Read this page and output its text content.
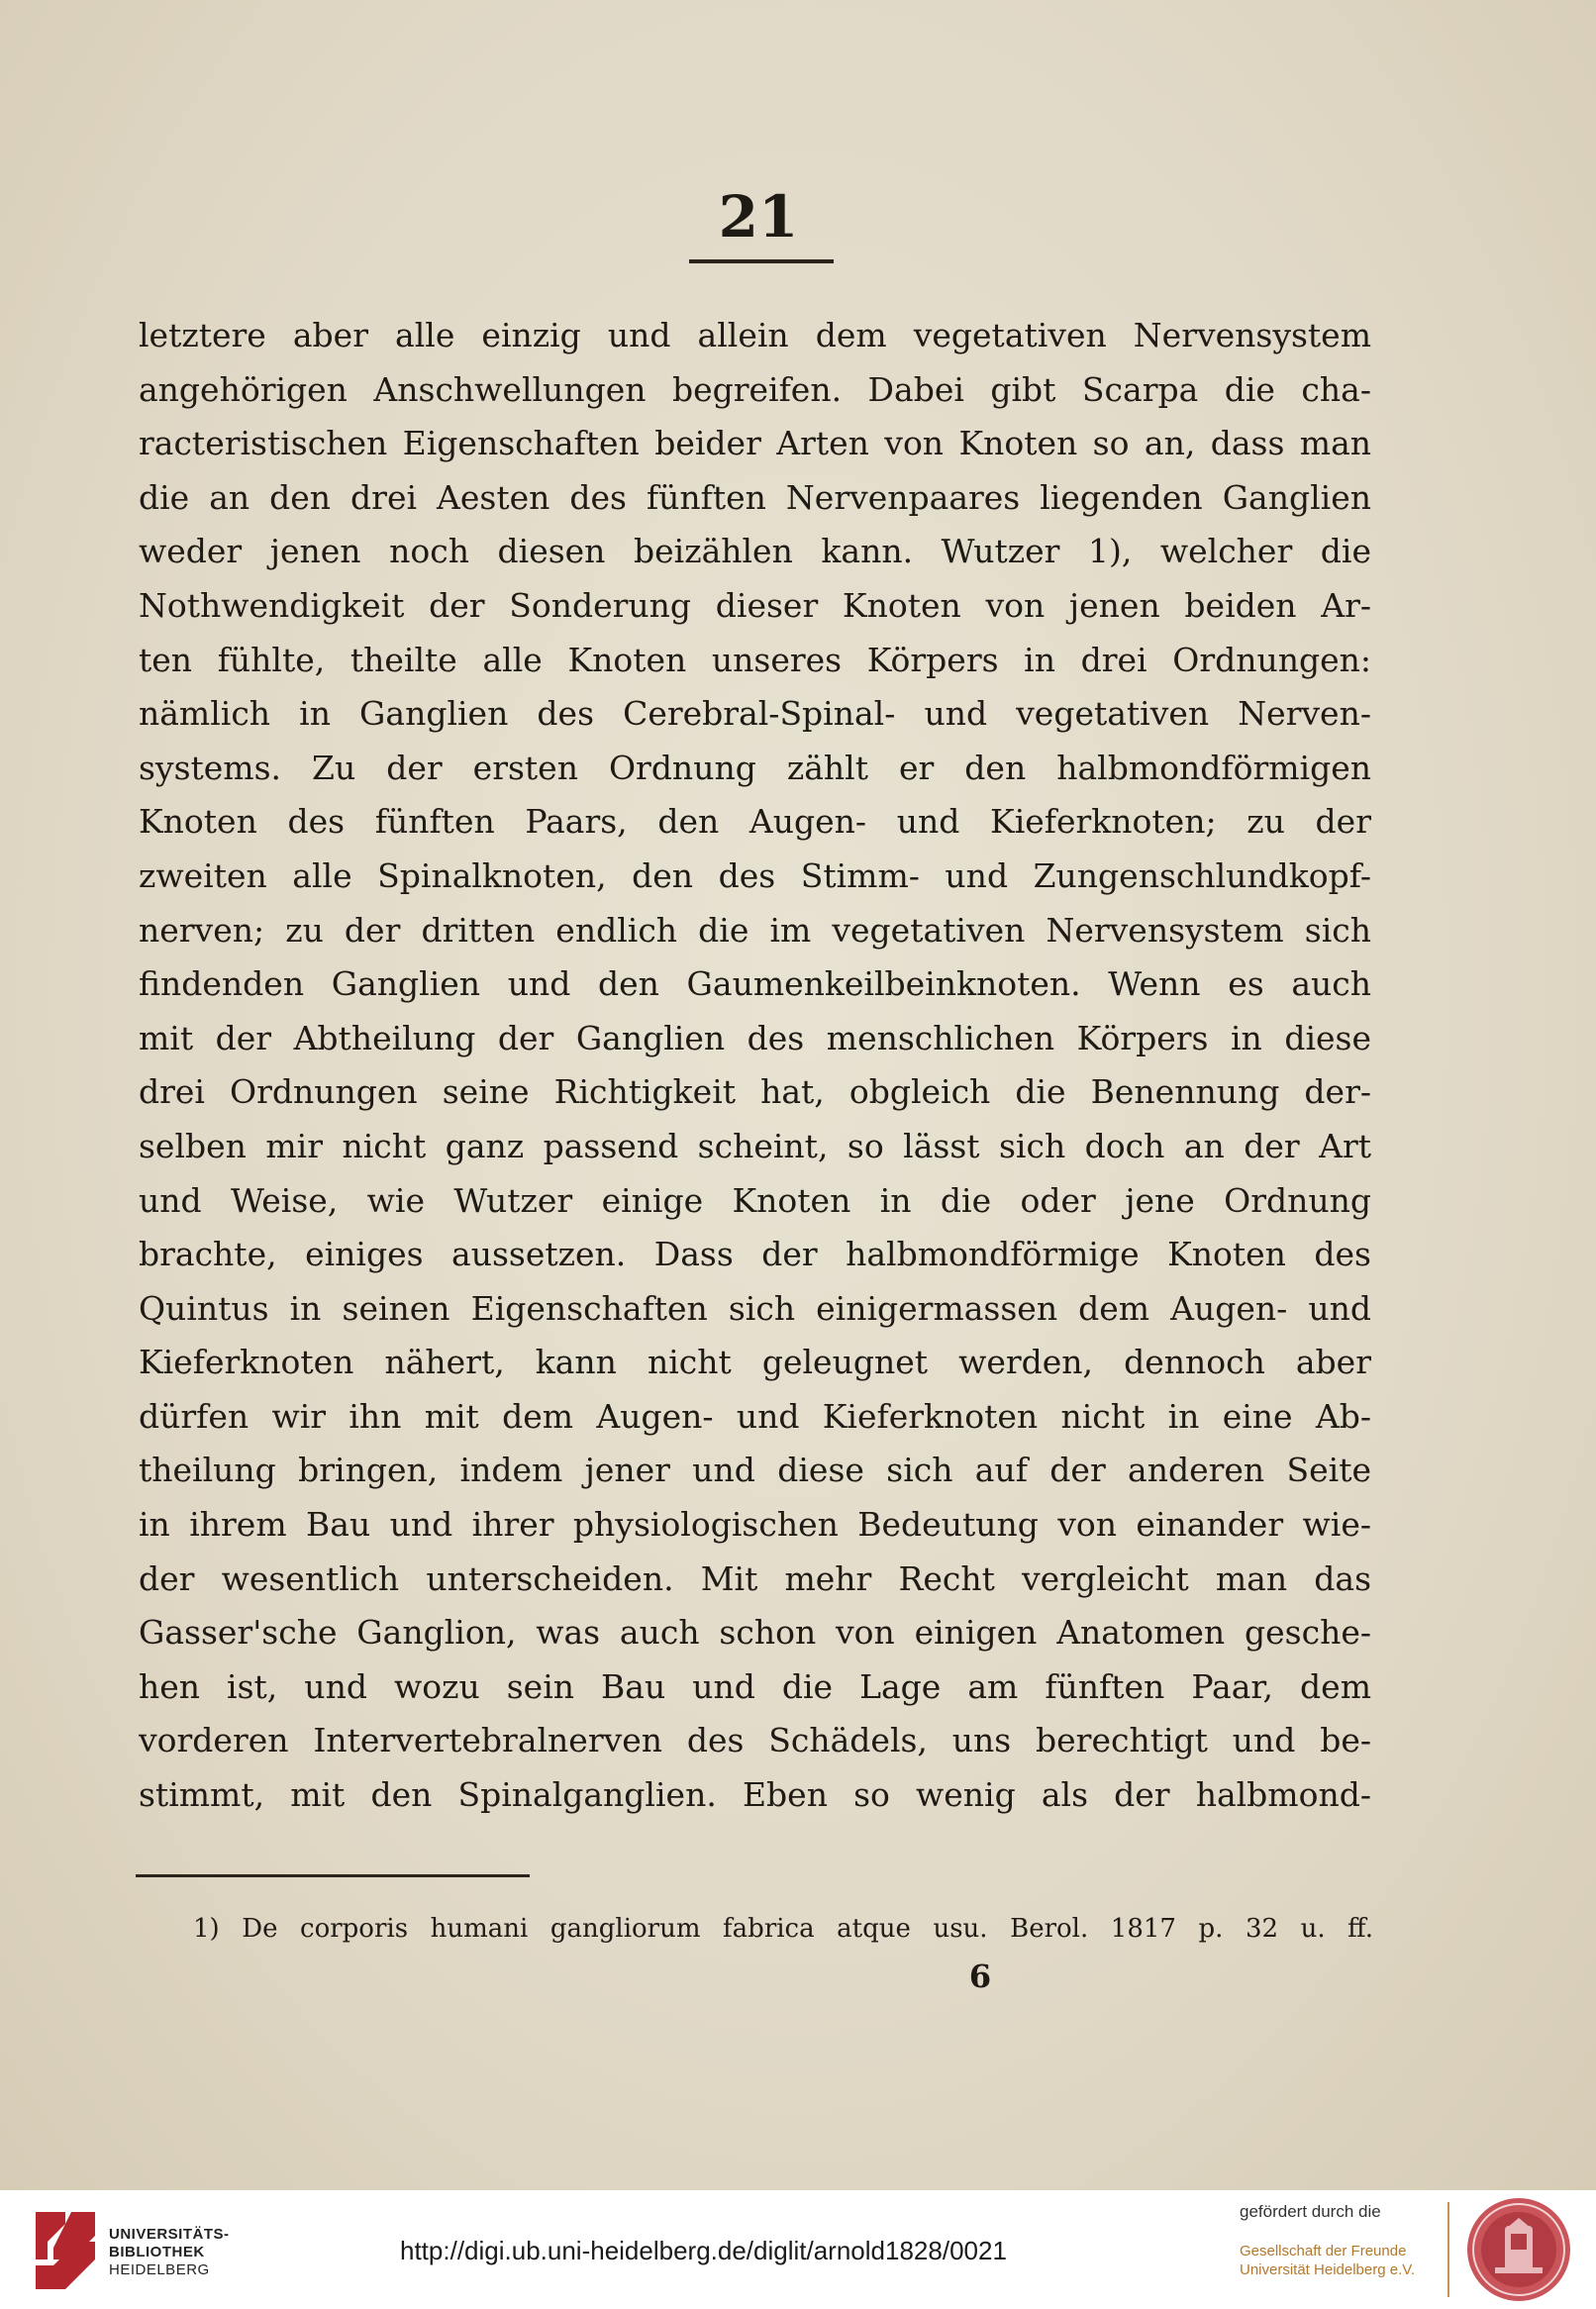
21
letztere aber alle einzig und allein dem vegetativen Nervensystem
angehörigen Anschwellungen begreifen. Dabei gibt Scarpa die cha-
racteristischen Eigenschaften beider Arten von Knoten so an, dass man
die an den drei Aesten des fünften Nervenpaares liegenden Ganglien
weder jenen noch diesen beizählen kann. Wutzer 1), welcher die
Nothwendigkeit der Sonderung dieser Knoten von jenen beiden Ar-
ten fühlte, theilte alle Knoten unseres Körpers in drei Ordnungen:
nämlich in Ganglien des Cerebral-Spinal- und vegetativen Nerven-
systems. Zu der ersten Ordnung zählt er den halbmondförmigen
Knoten des fünften Paars, den Augen- und Kieferknoten; zu der
zweiten alle Spinalknoten, den des Stimm- und Zungenschlundkopf-
nerven; zu der dritten endlich die im vegetativen Nervensystem sich
findenden Ganglien und den Gaumenkeilbeinknoten. Wenn es auch
mit der Abtheilung der Ganglien des menschlichen Körpers in diese
drei Ordnungen seine Richtigkeit hat, obgleich die Benennung der-
selben mir nicht ganz passend scheint, so lässt sich doch an der Art
und Weise, wie Wutzer einige Knoten in die oder jene Ordnung
brachte, einiges aussetzen. Dass der halbmondförmige Knoten des
Quintus in seinen Eigenschaften sich einigermassen dem Augen- und
Kieferknoten nähert, kann nicht geleugnet werden, dennoch aber
dürfen wir ihn mit dem Augen- und Kieferknoten nicht in eine Ab-
theilung bringen, indem jener und diese sich auf der anderen Seite
in ihrem Bau und ihrer physiologischen Bedeutung von einander wie-
der wesentlich unterscheiden. Mit mehr Recht vergleicht man das
Gasser'sche Ganglion, was auch schon von einigen Anatomen gesche-
hen ist, und wozu sein Bau und die Lage am fünften Paar, dem
vorderen Intervertebralnerven des Schädels, uns berechtigt und be-
stimmt, mit den Spinalganglien. Eben so wenig als der halbmond-
1) De corporis humani gangliorum fabrica atque usu. Berol. 1817 p. 32 u. ff.
6
UNIVERSITÄTS-
BIBLIOTHEK
HEIDELBERG
http://digi.ub.uni-heidelberg.de/diglit/arnold1828/0021
gefördert durch die
Gesellschaft der Freunde
Universität Heidelberg e.V.
